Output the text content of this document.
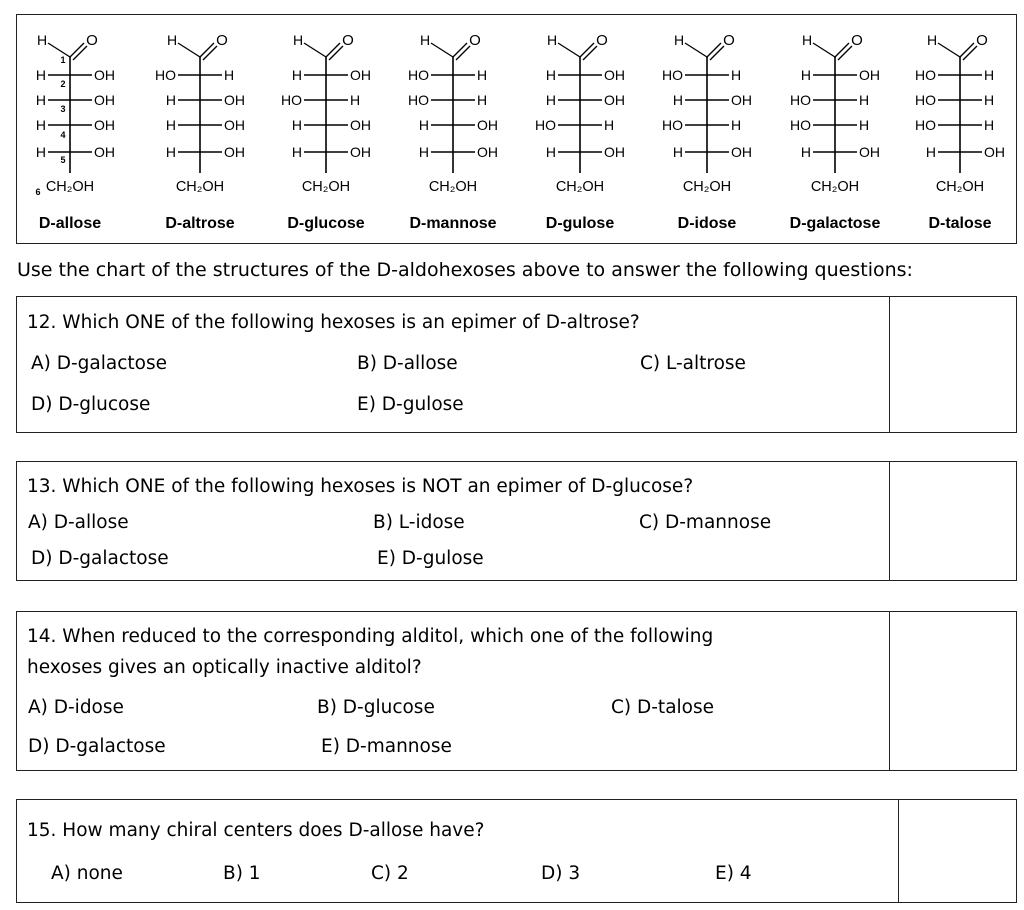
H	O
H	OH
H	OH
H	OH
H	OH
CH₂OH
1
2
3
4
5
6
D-allose
H	O
HO	H
H	OH
H	OH
H	OH
CH₂OH
D-altrose
H	O
H	OH
HO	H
H	OH
H	OH
CH₂OH
D-glucose
H	O
HO	H
HO	H
H	OH
H	OH
CH₂OH
D-mannose
H	O
H	OH
H	OH
HO	H
H	OH
CH₂OH
D-gulose
H	O
HO	H
H	OH
HO	H
H	OH
CH₂OH
D-idose
H	O
H	OH
HO	H
HO	H
H	OH
CH₂OH
D-galactose
H	O
HO	H
HO	H
HO	H
H	OH
CH₂OH
D-talose
Use the chart of the structures of the D-aldohexoses above to answer the following questions:
12. Which ONE of the following hexoses is an epimer of D-altrose?
A) D-galactose	B) D-allose	C) L-altrose
D) D-glucose	E) D-gulose
13. Which ONE of the following hexoses is NOT an epimer of D-glucose?
A) D-allose	B) L-idose	C) D-mannose
D) D-galactose	E) D-gulose
14. When reduced to the corresponding alditol, which one of the following
hexoses gives an optically inactive alditol?
A) D-idose	B) D-glucose	C) D-talose
D) D-galactose	E) D-mannose
15. How many chiral centers does D-allose have?
A) none	B) 1	C) 2	D) 3	E) 4
